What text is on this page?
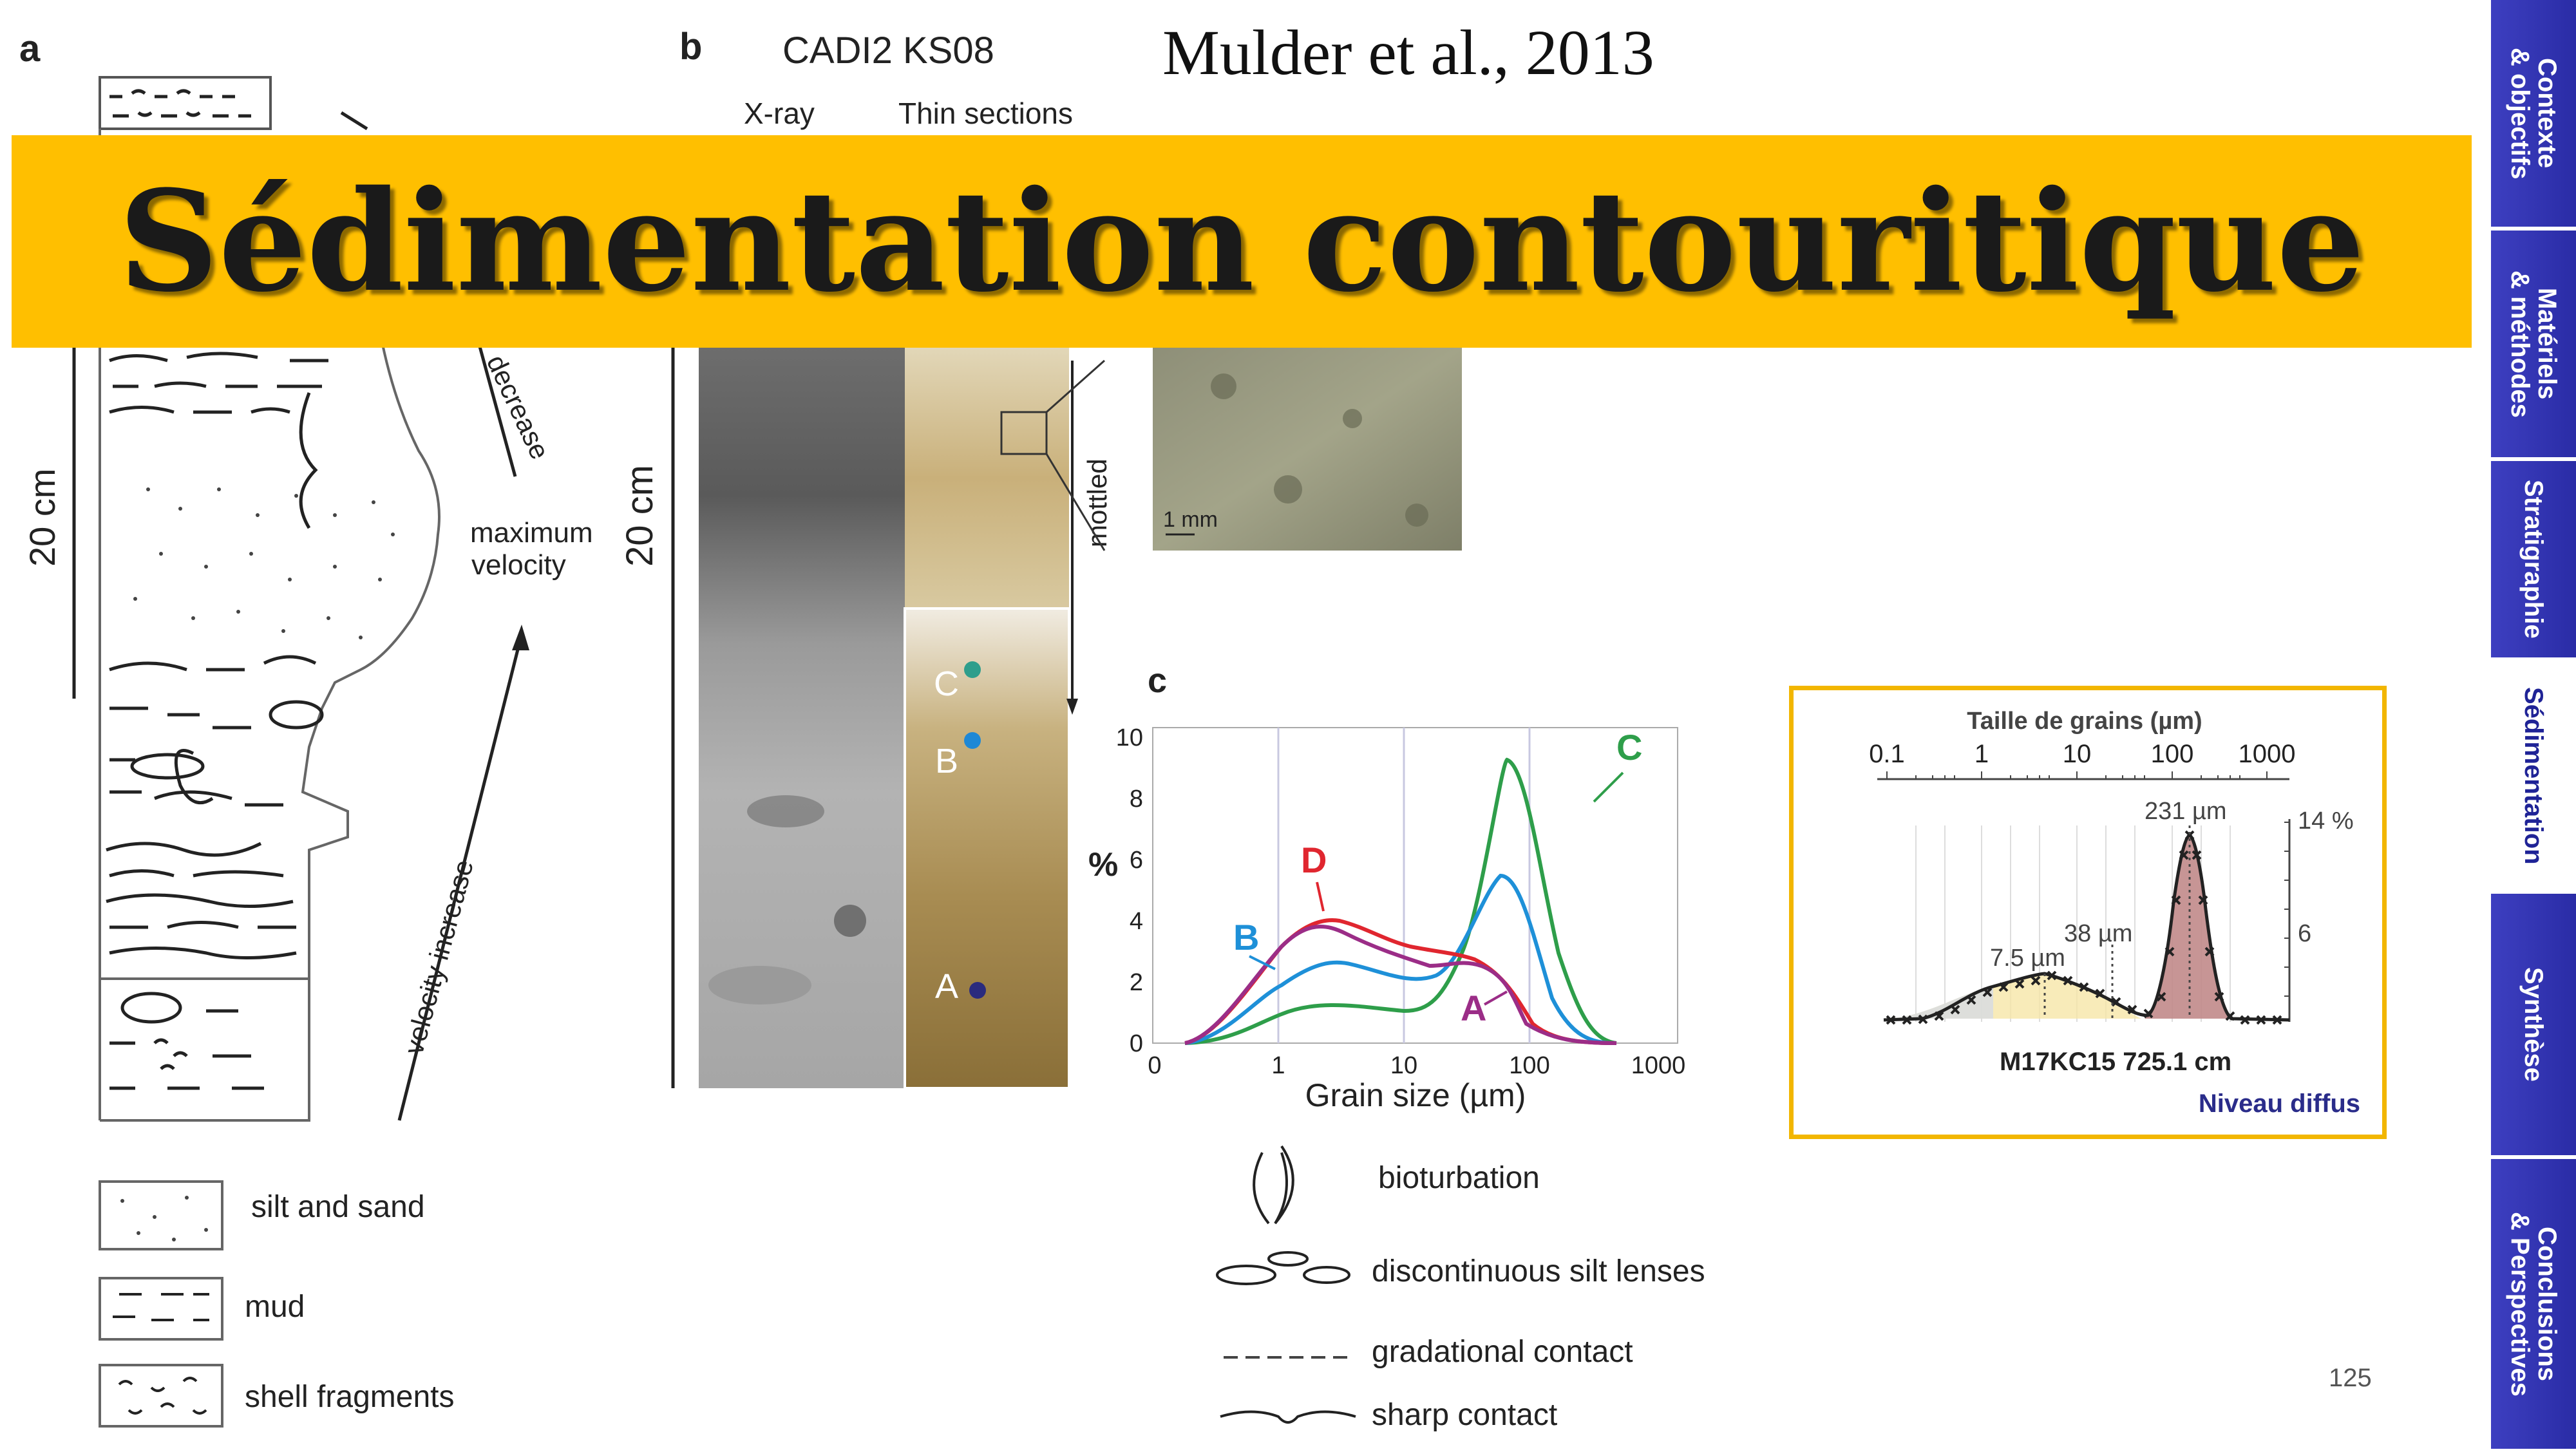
a
20 cm
decrease
maximum
velocity
velocity increase
silt and sand
mud
shell fragments
b CADI2 KS08
X-ray	Thin sections
mottled 1 mm
C
B
A
bioturbation
discontinuous silt lenses
gradational contact
sharp contact
20 cm
c
0
2
4
6
8
10
0	1	10	100	1000
%
Grain size (µm)
C
D
B
A
Sédimentation contouritique
Mulder et al., 2013
Taille de grains (µm)
0.1	1	10 100 1000
14 %
6
231 µm
38 µm
7.5 µm
M17KC15 725.1 cm
Niveau diffus
125
Contexte
& objectifs
Matériels
& méthodes
Stratigraphie
Sédimentation
Synthèse
Conclusions
& Perspectives
